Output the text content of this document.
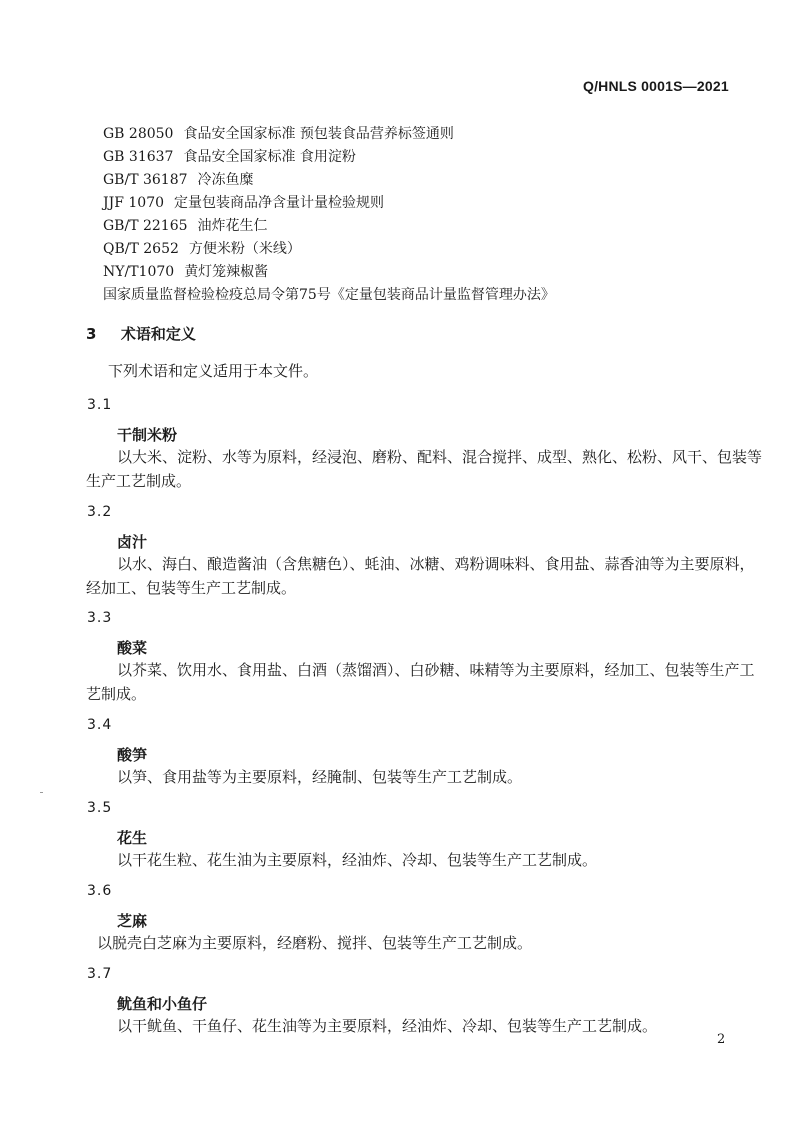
Q/HNLS 0001S—2021
GB 28050 食品安全国家标准 预包装食品营养标签通则
GB 31637 食品安全国家标准 食用淀粉
GB/T 36187 冷冻鱼糜
JJF 1070 定量包装商品净含量计量检验规则
GB/T 22165 油炸花生仁
QB/T 2652 方便米粉（米线）
NY/T1070 黄灯笼辣椒酱
国家质量监督检验检疫总局令第75号《定量包装商品计量监督管理办法》
3 术语和定义
下列术语和定义适用于本文件。
3.1
干制米粉
以大米、淀粉、水等为原料，经浸泡、磨粉、配料、混合搅拌、成型、熟化、松粉、风干、包装等
生产工艺制成。
3.2
卤汁
以水、海白、酿造酱油（含焦糖色）、蚝油、冰糖、鸡粉调味料、食用盐、蒜香油等为主要原料，
经加工、包装等生产工艺制成。
3.3
酸菜
以芥菜、饮用水、食用盐、白酒（蒸馏酒）、白砂糖、味精等为主要原料，经加工、包装等生产工
艺制成。
3.4
酸笋
以笋、食用盐等为主要原料，经腌制、包装等生产工艺制成。
3.5
花生
以干花生粒、花生油为主要原料，经油炸、冷却、包装等生产工艺制成。
3.6
芝麻
以脱壳白芝麻为主要原料，经磨粉、搅拌、包装等生产工艺制成。
3.7
鱿鱼和小鱼仔
以干鱿鱼、干鱼仔、花生油等为主要原料，经油炸、冷却、包装等生产工艺制成。
2
